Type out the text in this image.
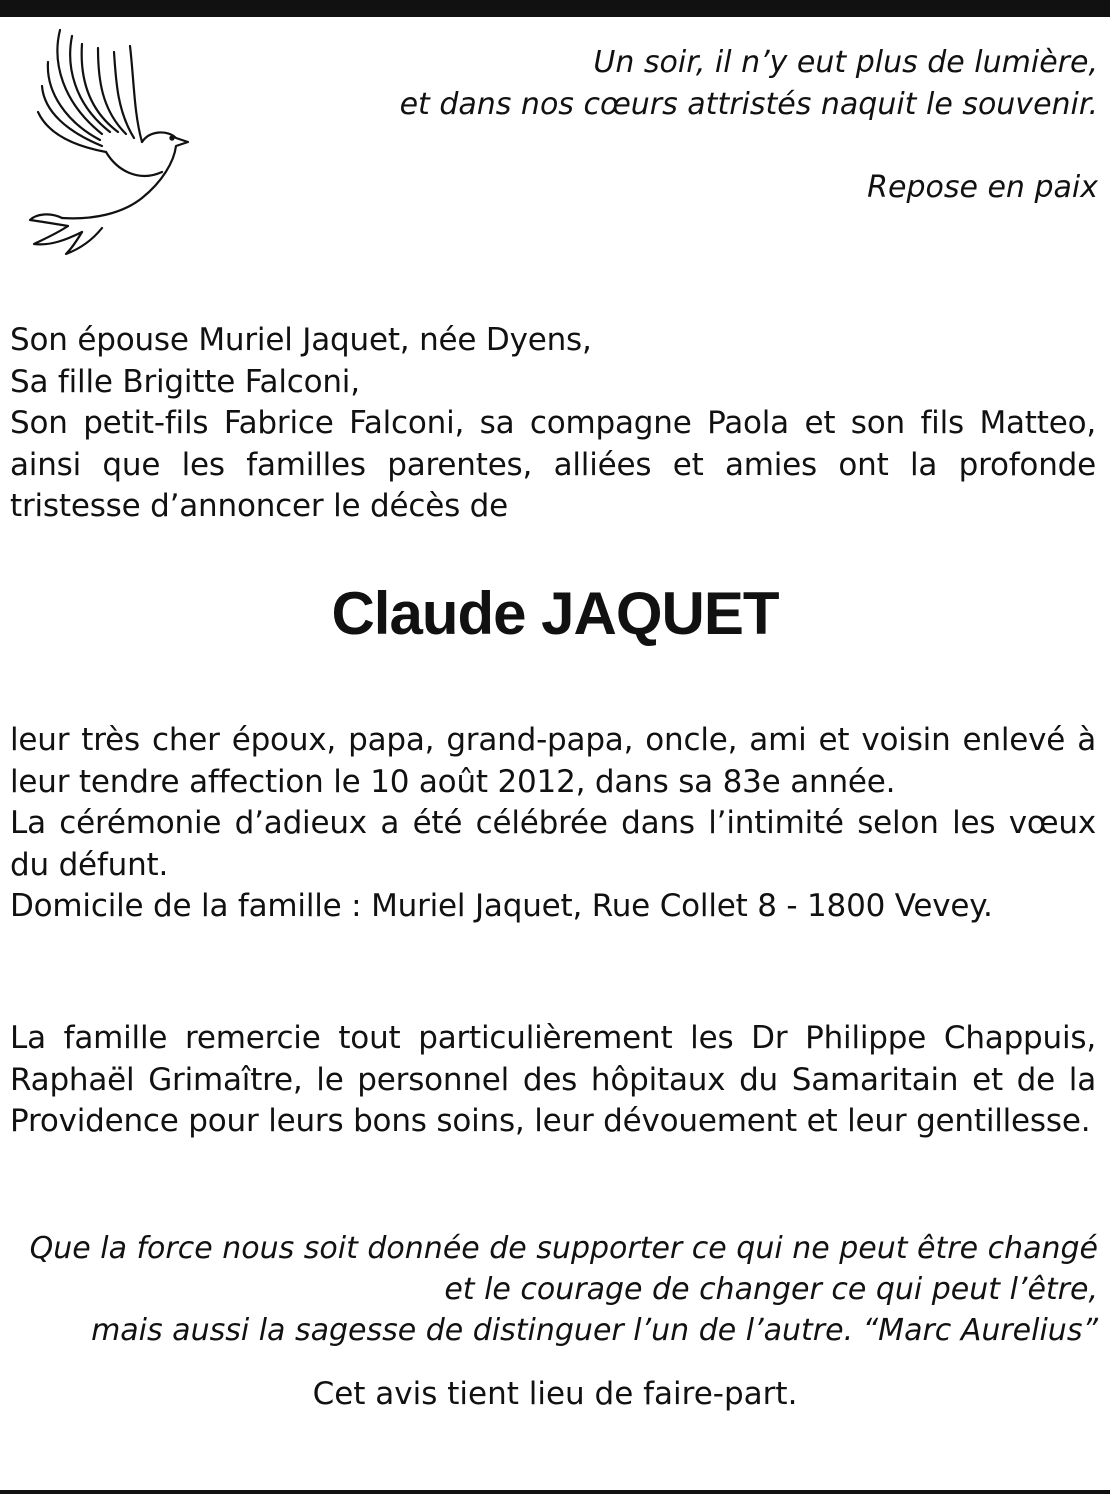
Un soir, il n’y eut plus de lumière,

et dans nos cœurs attristés naquit le souvenir.

Repose en paix

Son épouse Muriel Jaquet, née Dyens,

Sa fille Brigitte Falconi,

Son petit-fils Fabrice Falconi, sa compagne Paola et son fils Matteo, ainsi que les familles parentes, alliées et amies ont la profonde tristesse d’annoncer le décès de

Claude JAQUET

leur très cher époux, papa, grand-papa, oncle, ami et voisin enlevé à leur tendre affection le 10 août 2012, dans sa 83e année.

La cérémonie d’adieux a été célébrée dans l’intimité selon les vœux du défunt.

Domicile de la famille : Muriel Jaquet, Rue Collet 8 - 1800 Vevey.

La famille remercie tout particulièrement les Dr Philippe Chappuis, Raphaël Grimaître, le personnel des hôpitaux du Samaritain et de la Providence pour leurs bons soins, leur dévouement et leur gentillesse.

Que la force nous soit donnée de supporter ce qui ne peut être changé

et le courage de changer ce qui peut l’être,

mais aussi la sagesse de distinguer l’un de l’autre. “Marc Aurelius”

Cet avis tient lieu de faire-part.
